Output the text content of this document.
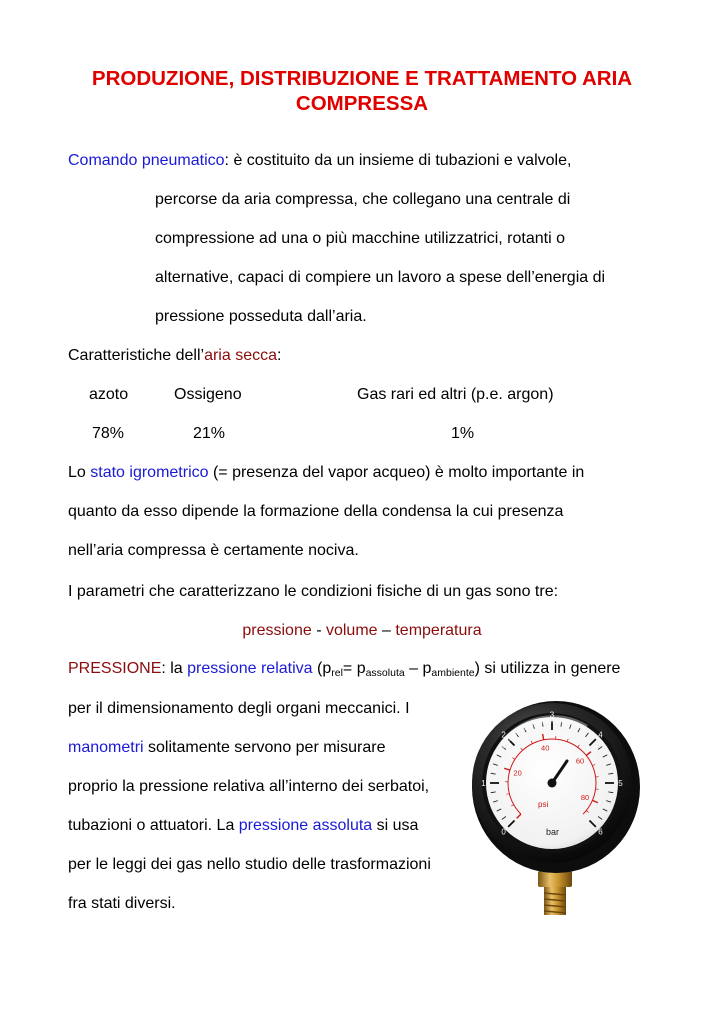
PRODUZIONE, DISTRIBUZIONE E TRATTAMENTO ARIA
COMPRESSA
Comando pneumatico: è costituito da un insieme di tubazioni e valvole,
percorse da aria compressa, che collegano una centrale di
compressione ad una o più macchine utilizzatrici, rotanti o
alternative, capaci di compiere un lavoro a spese dell’energia di
pressione posseduta dall’aria.
Caratteristiche dell’aria secca:
azoto	Ossigeno	Gas rari ed altri (p.e. argon)
78%	21%	1%
Lo stato igrometrico (= presenza del vapor acqueo) è molto importante in
quanto da esso dipende la formazione della condensa la cui presenza
nell’aria compressa è certamente nociva.
I parametri che caratterizzano le condizioni fisiche di un gas sono tre:
pressione - volume – temperatura
PRESSIONE: la pressione relativa (prel= passoluta – pambiente) si utilizza in genere
per il dimensionamento degli organi meccanici. I
manometri solitamente servono per misurare
proprio la pressione relativa all’interno dei serbatoi,
tubazioni o attuatori. La pressione assoluta si usa
per le leggi dei gas nello studio delle trasformazioni
fra stati diversi.
0
1
2
3
4
5
6
20
40
60
80
psi
bar
